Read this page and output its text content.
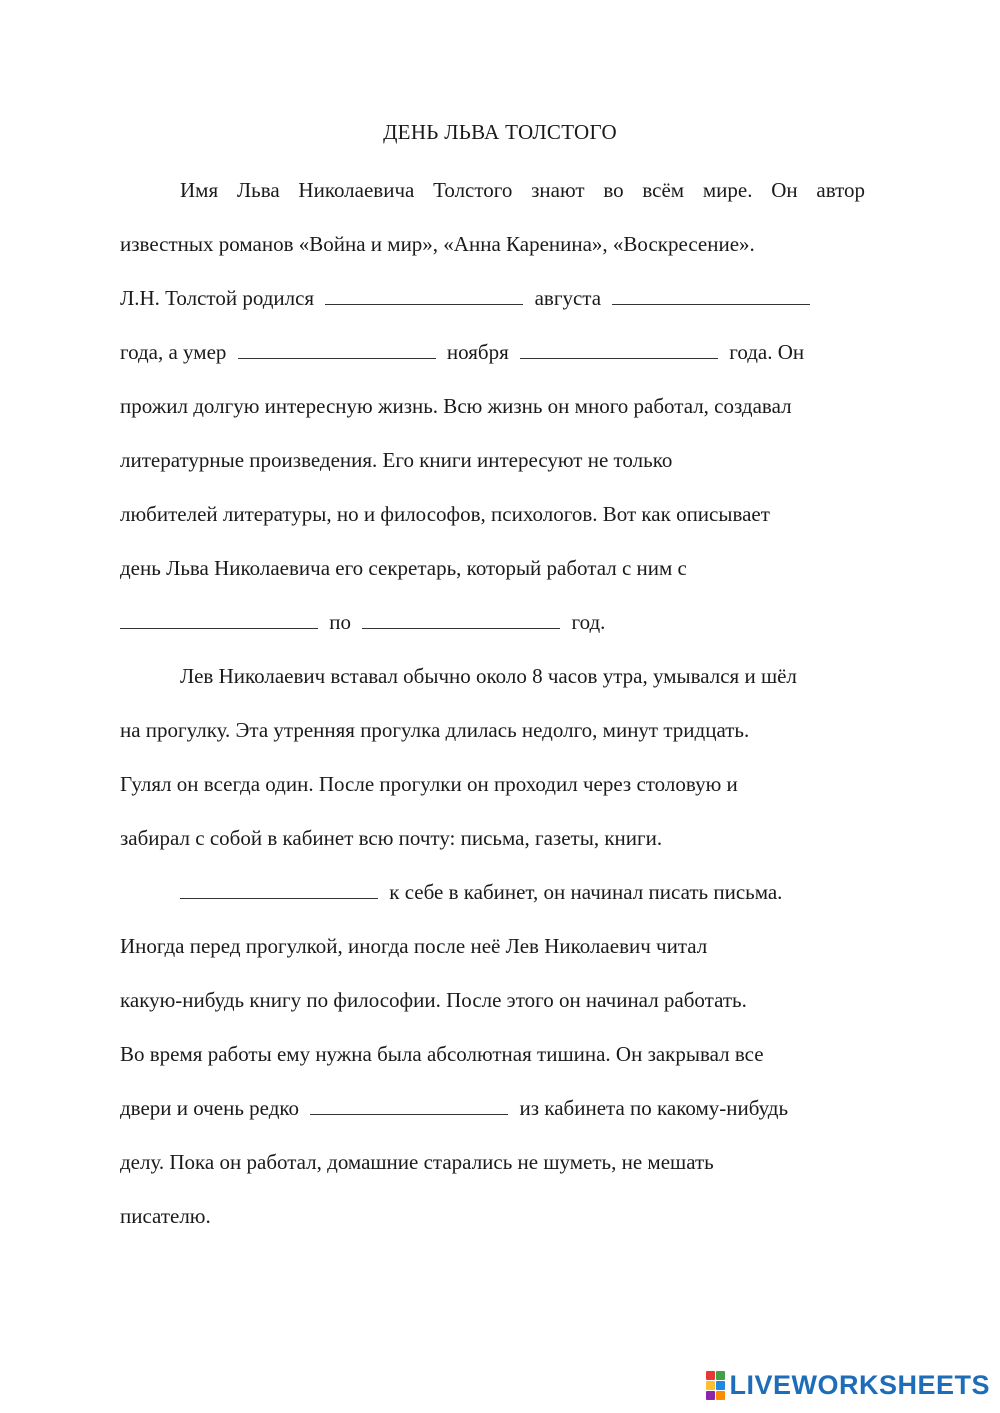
ДЕНЬ ЛЬВА ТОЛСТОГО
Имя Льва Николаевича Толстого знают во всём мире. Он автор
известных романов «Война и мир», «Анна Каренина», «Воскресение».
Л.Н. Толстой родился	августа
года, а умер	ноября	года. Он
прожил долгую интересную жизнь. Всю жизнь он много работал, создавал
литературные произведения. Его книги интересуют не только
любителей литературы, но и философов, психологов. Вот как описывает
день Льва Николаевича его секретарь, который работал с ним с
по	год.
Лев Николаевич вставал обычно около 8 часов утра, умывался и шёл
на прогулку. Эта утренняя прогулка длилась недолго, минут тридцать.
Гулял он всегда один. После прогулки он проходил через столовую и
забирал с собой в кабинет всю почту: письма, газеты, книги.
к себе в кабинет, он начинал писать письма.
Иногда перед прогулкой, иногда после неё Лев Николаевич читал
какую-нибудь книгу по философии. После этого он начинал работать.
Во время работы ему нужна была абсолютная тишина. Он закрывал все
двери и очень редко	из кабинета по какому-нибудь
делу. Пока он работал, домашние старались не шуметь, не мешать
писателю.
LIVEWORKSHEETS
